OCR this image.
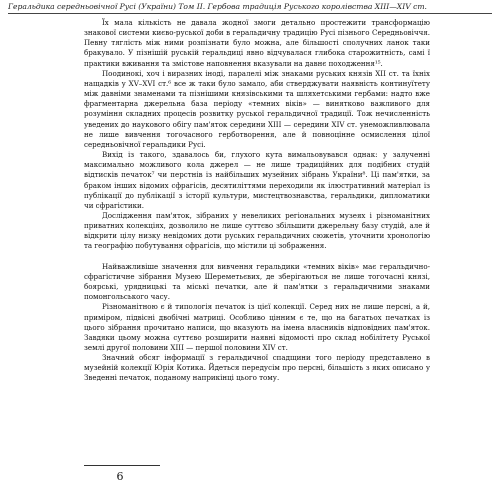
Геральдика середньовічної Русі (України) Том II. Гербова традиція Руського королівства XIII—XIV ст.

Їх мала кількість не давала жодної змоги детально простежити трансформацію знакової системи києво-руської доби в геральдичну традицію Русі пізнього Середньовіччя. Певну тяглість між ними розпізнати було можна, але більшості сполучних ланок таки бракувало. У пізнішій руській геральдиці явно відчувалася глибока старожитність, самі ї практики вживання та змістове наповнення вказували на давнє походження¹⁵.

Поодинокі, хоч і виразних іноді, паралелі між знаками руських князів XII ст. та їхніх нащадків у XV–XVI ст.⁶ все ж таки було замало, аби стверджувати наявність континуїтету між давніми знаменами та пізнішими князівськими та шляхетськими гербами: надто вже фрагментарна джерельна база періоду «темних віків» — винятково важливого для розуміння складних процесів розвитку руської геральдичної традиції. Тож нечисленність уведених до наукового обігу пам'яток середини XIII — середини XIV ст. унеможливлювала не лише вивчення тогочасного герботворення, але й повноцінне осмислення цілої середньовічної геральдики Русі.

Вихід із такого, здавалось би, глухого кута вимальовувався однак: у залученні максимально можливого кола джерел — не лише традиційних для подібних студій відтисків печаток⁷ чи перстнів із найбільших музейних зібрань України⁸. Ці пам'ятки, за браком інших відомих сфрагісів, десятиліттями переходили як ілюстративний матеріал із публікації до публікації з історії культури, мистецтвознавства, геральдики, дипломатики чи сфрагістики.

Дослідження пам'яток, зібраних у невеликих регіональних музеях і різноманітних приватних колекціях, дозволило не лише суттєво збільшити джерельну базу студій, але й відкрити цілу низку невідомих доти руських геральдичних сюжетів, уточнити хронологію та географію побутування сфрагісів, що містили ці зображення.

Найважливіше значення для вивчення геральдики «темних віків» має геральдично-сфрагістичне зібрання Музею Шереметьєвих, де зберігаються не лише тогочасні князі, боярські, урядницькі та міські печатки, але й пам'ятки з геральдичними знаками помонгольського часу.

Різноманітною є й типологія печаток із цієї колекції. Серед них не лише персні, а й, приміром, підвісні двобічні матриці. Особливо цінним є те, що на багатьох печатках із цього зібрання прочитано написи, що вказують на імена власників відповідних пам'яток. Завдяки цьому можна суттєво розширити наявні відомості про склад нобілітету Руської землі другої половини XIII — першої половини XIV ст.

Значний обсяг інформації з геральдичної спадщини того періоду представлено в музейній колекції Юрія Котика. Йдеться передусім про персні, більшість з яких описано у Зведенні печаток, поданому наприкінці цього тому.

6
